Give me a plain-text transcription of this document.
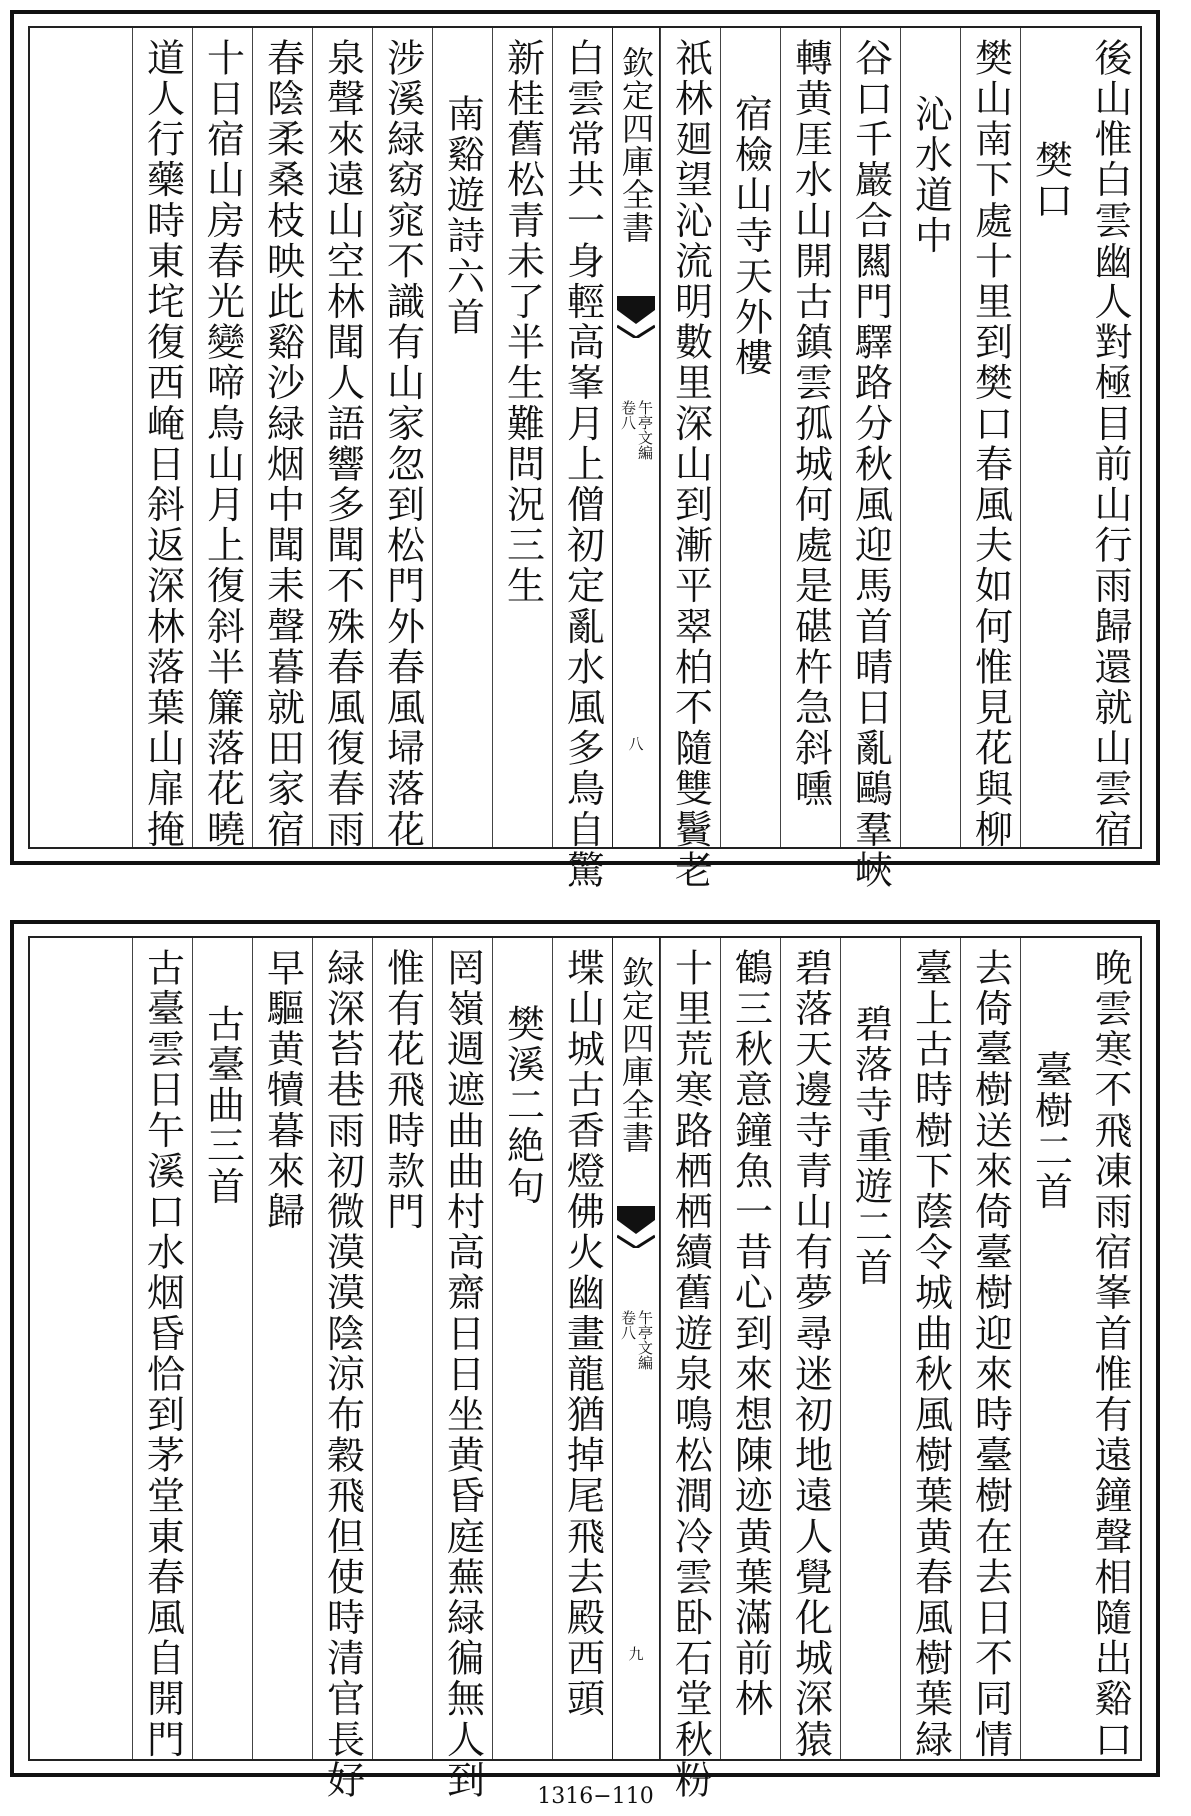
後山惟白雲幽人對極目前山行雨歸還就山雲宿
樊口
樊山南下處十里到樊口春風夫如何惟見花與柳
沁水道中
谷口千巖合闗門驛路分秋風迎馬首晴日亂鷗羣峽
轉黄厓水山開古鎮雲孤城何處是碪杵急斜曛
宿檢山寺天外樓
祇林廻望沁流明數里深山到漸平翠柏不隨雙鬢老
欽定四庫全書
午亭文編
卷八
八
白雲常共一身輕高峯月上僧初定亂水風多鳥自驚
新桂舊松青未了半生難問況三生
南谿遊詩六首
涉溪緑窈窕不識有山家忽到松門外春風埽落花
泉聲來遠山空林聞人語響多聞不殊春風復春雨
春陰柔桑枝映此谿沙緑烟中聞耒聲暮就田家宿
十日宿山房春光變啼鳥山月上復斜半簾落花曉
道人行藥時東垞復西崦日斜返深林落葉山扉掩
晚雲寒不飛凍雨宿峯首惟有遠鐘聲相隨出谿口
臺樹二首
去倚臺樹送來倚臺樹迎來時臺樹在去日不同情
臺上古時樹下蔭令城曲秋風樹葉黄春風樹葉緑
碧落寺重遊二首
碧落天邊寺青山有夢尋迷初地遠人覺化城深猿
鶴三秋意鐘魚一昔心到來想陳迹黄葉滿前林
十里荒寒路栖栖續舊遊泉鳴松澗冷雲卧石堂秋粉
欽定四庫全書
午亭文編
卷八
九
堞山城古香燈佛火幽畫龍猶掉尾飛去殿西頭
樊溪二絶句
罔嶺週遮曲曲村高齋日日坐黄昏庭蕪緑徧無人到
惟有花飛時款門
緑深苔巷雨初微漠漠陰涼布穀飛但使時清官長好
早驅黄犢暮來歸
古臺曲三首
古臺雲日午溪口水烟昏恰到茅堂東春風自開門
1316−110
